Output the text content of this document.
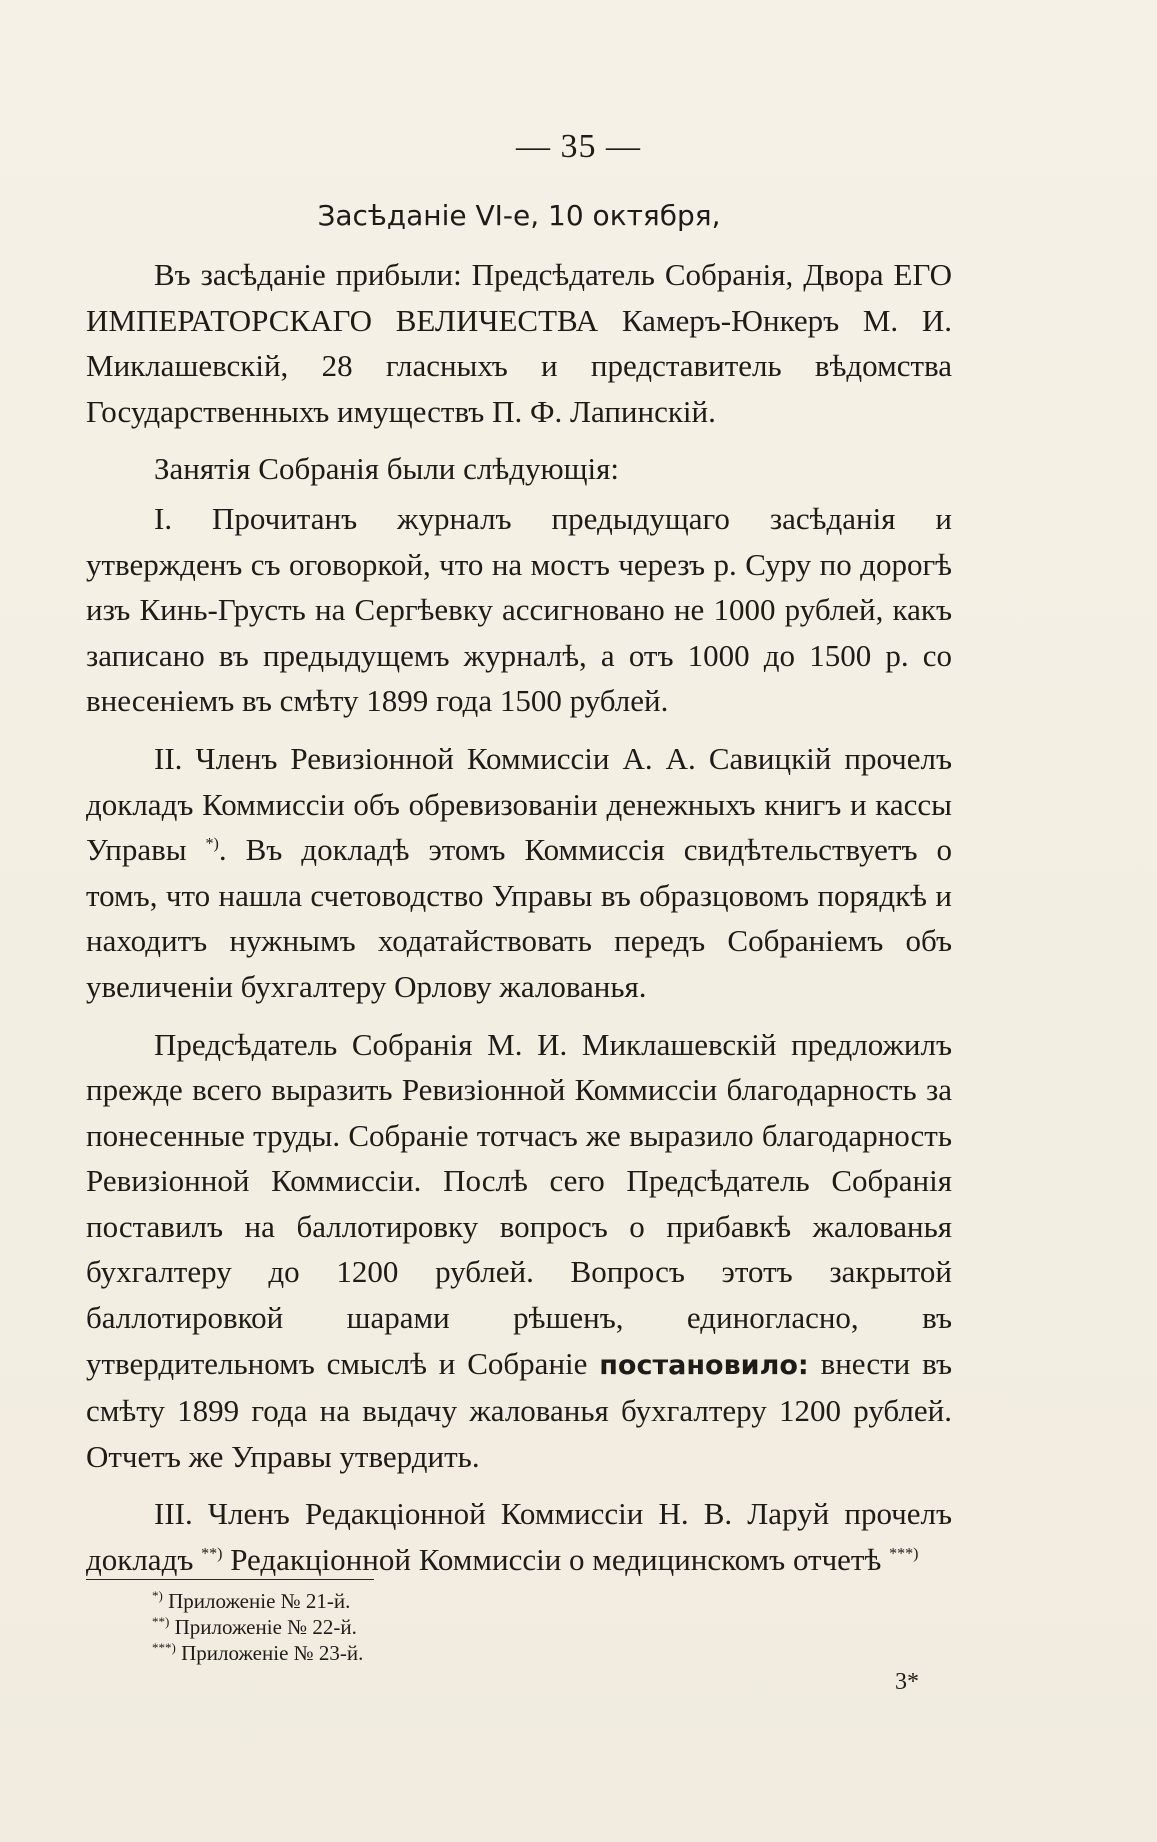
— 35 —
Засѣданіе VI-е, 10 октября,

Въ засѣданіе прибыли: Предсѣдатель Собранія, Двора ЕГО ИМПЕРАТОРСКАГО ВЕЛИЧЕСТВА Камеръ-Юнкеръ М. И. Миклашевскій, 28 гласныхъ и представитель вѣдомства Государственныхъ имуществъ П. Ф. Лапинскій.

Занятія Собранія были слѣдующія:

I. Прочитанъ журналъ предыдущаго засѣданія и утвержденъ съ оговоркой, что на мостъ черезъ р. Суру по дорогѣ изъ Кинь-Грусть на Сергѣевку ассигновано не 1000 рублей, какъ записано въ предыдущемъ журналѣ, а отъ 1000 до 1500 р. со внесеніемъ въ смѣту 1899 года 1500 рублей.

II. Членъ Ревизіонной Коммиссіи А. А. Савицкій прочелъ докладъ Коммиссіи объ обревизованіи денежныхъ книгъ и кассы Управы *). Въ докладѣ этомъ Коммиссія свидѣтельствуетъ о томъ, что нашла счетоводство Управы въ образцовомъ порядкѣ и находитъ нужнымъ ходатайствовать передъ Собраніемъ объ увеличеніи бухгалтеру Орлову жалованья.

Предсѣдатель Собранія М. И. Миклашевскій предложилъ прежде всего выразить Ревизіонной Коммиссіи благодарность за понесенные труды. Собраніе тотчасъ же выразило благодарность Ревизіонной Коммиссіи. Послѣ сего Предсѣдатель Собранія поставилъ на баллотировку вопросъ о прибавкѣ жалованья бухгалтеру до 1200 рублей. Вопросъ этотъ закрытой баллотировкой шарами рѣшенъ, единогласно, въ утвердительномъ смыслѣ и Собраніе постановило: внести въ смѣту 1899 года на выдачу жалованья бухгалтеру 1200 рублей. Отчетъ же Управы утвердить.

III. Членъ Редакціонной Коммиссіи Н. В. Ларуй прочелъ докладъ **) Редакціонной Коммиссіи о медицинскомъ отчетѣ ***)

*) Приложеніе № 21-й.
**) Приложеніе № 22-й.
***) Приложеніе № 23-й.
3*
